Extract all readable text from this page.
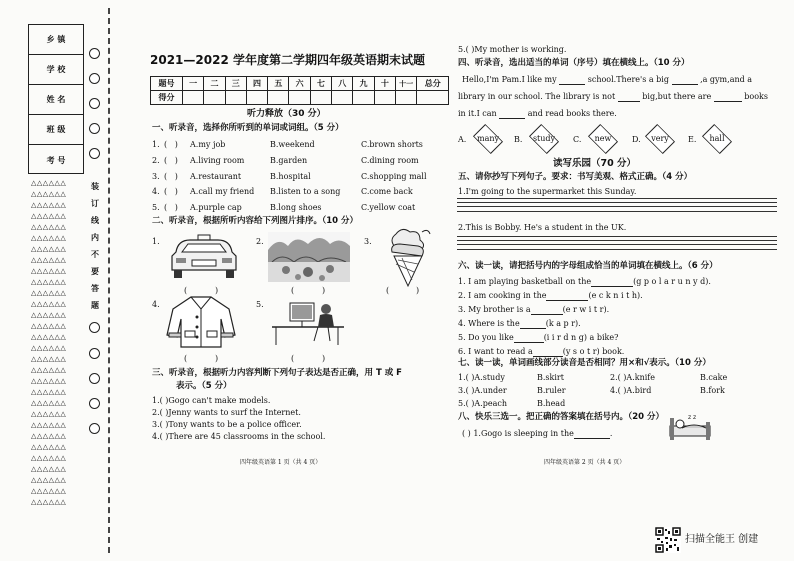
乡 镇
学 校
姓 名
班 级
考 号
△△△△△△
△△△△△△
△△△△△△
△△△△△△
△△△△△△
△△△△△△
△△△△△△
△△△△△△
△△△△△△
△△△△△△
△△△△△△
△△△△△△
△△△△△△
△△△△△△
△△△△△△
△△△△△△
△△△△△△
△△△△△△
△△△△△△
△△△△△△
△△△△△△
△△△△△△
△△△△△△
△△△△△△
△△△△△△
△△△△△△
△△△△△△
△△△△△△
△△△△△△
△△△△△△
装
订
线
内
不
要
答
题
2021—2022 学年度第二学期四年级英语期末试题
题号	一	二	三	四	五	六	七	八	九	十	十一	总分
得分												
听力释放（30 分）
一、听录音，选择你所听到的单词或词组。（5 分）
1. (   ) A.my job	B.weekend	C.brown shorts
2. (   ) A.living room	B.garden	C.dining room
3. (   ) A.restaurant	B.hospital	C.shopping mall
4. (   ) A.call my friend B.listen to a song	C.come back
5. (   ) A.purple cap	B.long shoes	C.yellow coat
二、听录音，根据所听内容给下列图片排序。（10 分）
1.	2.	3.
4.	5.
(	)	(	)	(	)
(	)	(	)
三、听录音，根据听力内容判断下列句子表达是否正确，用 T 或 F
表示。（5 分）
1.( )Gogo can't make models.
2.( )Jenny wants to surf the Internet.
3.( )Tony wants to be a police officer.
4.( )There are 45 classrooms in the school.
四年级英语第 1 页（共 4 页）
5.( )My mother is working.
四、听录音，选出适当的单词（序号）填在横线上。（10 分）
Hello,I'm Pam.I like my	school.There's a big	,a gym,and a
library in our school. The library is not	big,but there are	books
in it.I can	and read books there.
A.	many	B.	study	C.	new	D.	very	E.	hall
读写乐园（70 分）
五、请你抄写下列句子。要求：书写美观、格式正确。（4 分）
1.I'm going to the supermarket this Sunday.
2.This is Bobby. He's a student in the UK.
六、读一读，请把括号内的字母组成恰当的单词填在横线上。（6 分）
1. I am playing basketball on the	(g p o l a r u n y d).
2. I am cooking in the	(e c k n i t h).
3. My brother is a	(e r w i t r).
4. Where is the	(k a p r).
5. Do you like	(i i r d n g) a bike?
6. I want to read a	(y s o t r) book.
七、读一读，单词画线部分读音是否相同？用×和√表示。（10 分）
1.( )A.study	B.skirt	2.( )A.knife	B.cake
3.( )A.under	B.ruler	4.( )A.bird	B.fork
5.( )A.peach	B.head
八、快乐三选一。把正确的答案填在括号内。（20 分）
( ) 1.Gogo is sleeping in the	.
z z
四年级英语第 2 页（共 4 页）
扫描全能王 创建
